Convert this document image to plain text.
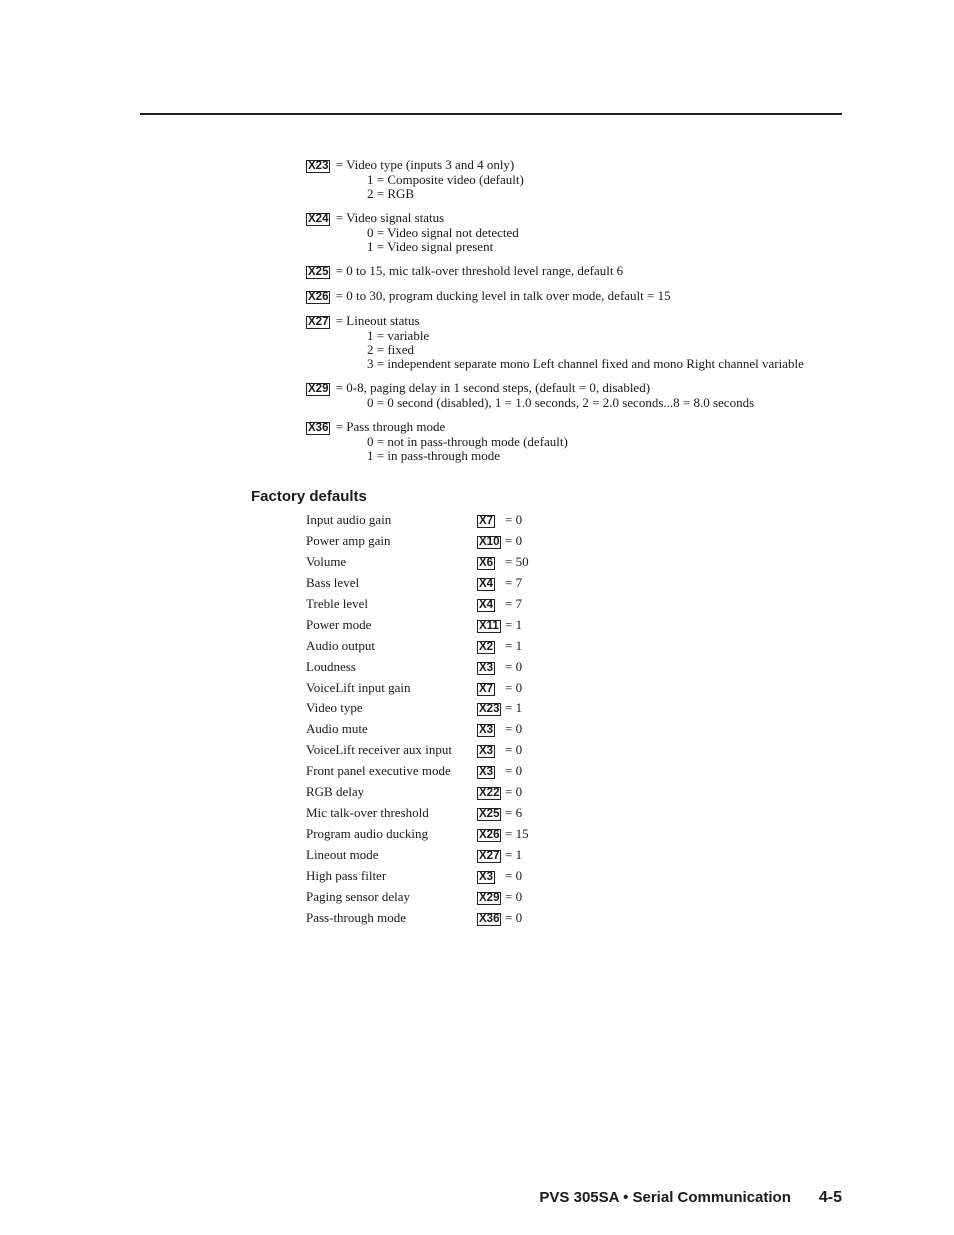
X23 = Video type (inputs 3 and 4 only)
1 = Composite video (default)
2 = RGB
X24 = Video signal status
0 = Video signal not detected
1 = Video signal present
X25 = 0 to 15, mic talk-over threshold level range, default 6
X26 = 0 to 30, program ducking level in talk over mode, default = 15
X27 = Lineout status
1 = variable
2 = fixed
3 = independent separate mono Left channel fixed and mono Right channel variable
X29 = 0-8, paging delay in 1 second steps, (default = 0, disabled)
0 = 0 second (disabled), 1 = 1.0 seconds, 2 = 2.0 seconds...8 = 8.0 seconds
X36 = Pass through mode
0 = not in pass-through mode (default)
1 = in pass-through mode
Factory defaults
Input audio gain	X7 = 0
Power amp gain	X10 = 0
Volume	X6 = 50
Bass level	X4 = 7
Treble level	X4 = 7
Power mode	X11 = 1
Audio output	X2 = 1
Loudness	X3 = 0
VoiceLift input gain	X7 = 0
Video type	X23 = 1
Audio mute	X3 = 0
VoiceLift receiver aux input X3 = 0
Front panel executive mode X3 = 0
RGB delay	X22 = 0
Mic talk-over threshold	X25 = 6
Program audio ducking	X26 = 15
Lineout mode	X27 = 1
High pass filter	X3 = 0
Paging sensor delay	X29 = 0
Pass-through mode	X36 = 0
PVS 305SA • Serial Communication 4-5
